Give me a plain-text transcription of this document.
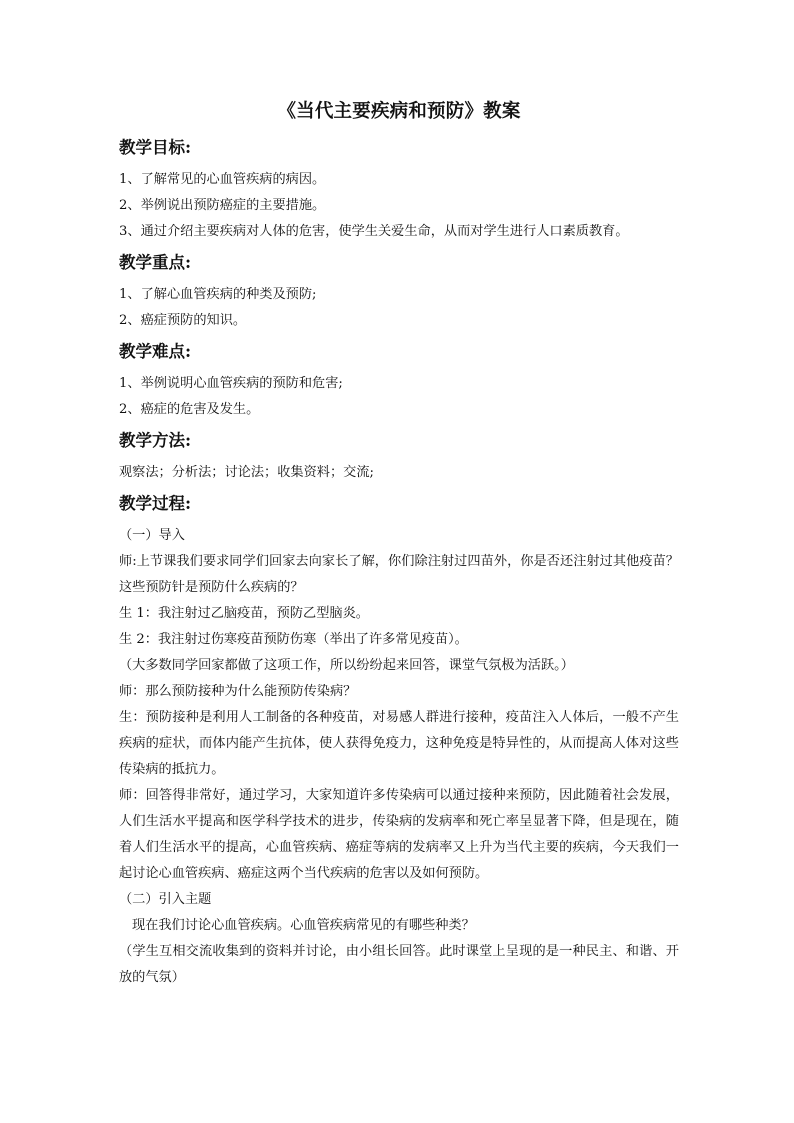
《当代主要疾病和预防》教案
教学目标:

1、了解常见的心血管疾病的病因。

2、举例说出预防癌症的主要措施。

3、通过介绍主要疾病对人体的危害，使学生关爱生命，从而对学生进行人口素质教育。

教学重点:

1、了解心血管疾病的种类及预防;

2、癌症预防的知识。

教学难点:

1、举例说明心血管疾病的预防和危害;

2、癌症的危害及发生。

教学方法:

观察法；分析法；讨论法；收集资料；交流;

教学过程:

（一）导入

师:上节课我们要求同学们回家去向家长了解，你们除注射过四苗外，你是否还注射过其他疫苗？这些预防针是预防什么疾病的？

生 1：我注射过乙脑疫苗，预防乙型脑炎。

生 2：我注射过伤寒疫苗预防伤寒（举出了许多常见疫苗）。

（大多数同学回家都做了这项工作，所以纷纷起来回答，课堂气氛极为活跃。）

师：那么预防接种为什么能预防传染病？

生：预防接种是利用人工制备的各种疫苗，对易感人群进行接种，疫苗注入人体后，一般不产生疾病的症状，而体内能产生抗体，使人获得免疫力，这种免疫是特异性的，从而提高人体对这些传染病的抵抗力。

师：回答得非常好，通过学习，大家知道许多传染病可以通过接种来预防，因此随着社会发展，人们生活水平提高和医学科学技术的进步，传染病的发病率和死亡率呈显著下降，但是现在，随着人们生活水平的提高，心血管疾病、癌症等病的发病率又上升为当代主要的疾病，今天我们一起讨论心血管疾病、癌症这两个当代疾病的危害以及如何预防。

（二）引入主题

现在我们讨论心血管疾病。心血管疾病常见的有哪些种类？

（学生互相交流收集到的资料并讨论，由小组长回答。此时课堂上呈现的是一种民主、和谐、开放的气氛）
